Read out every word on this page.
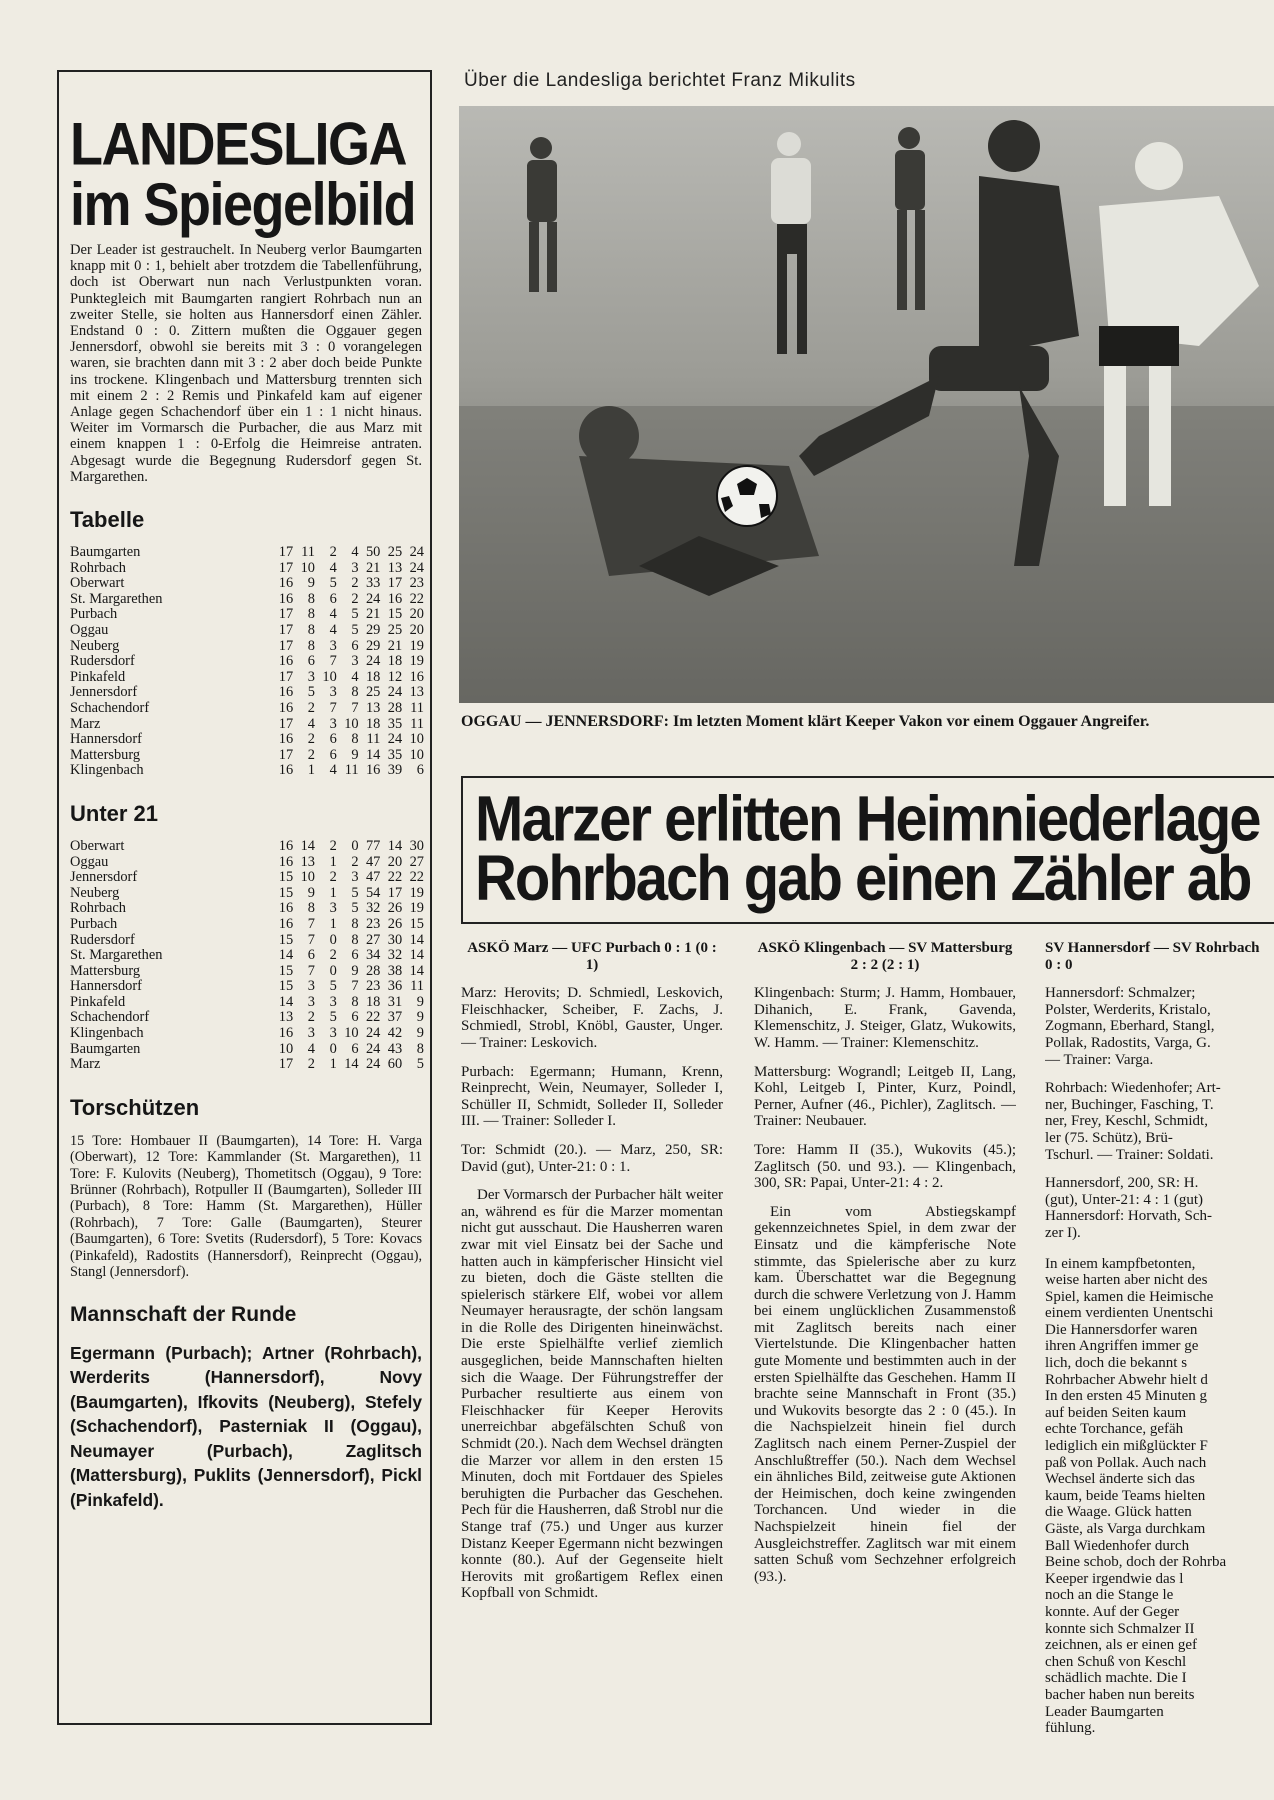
LANDESLIGA
im Spiegelbild
Der Leader ist gestrauchelt. In Neuberg verlor Baumgarten knapp mit 0 : 1, behielt aber trotzdem die Tabellenführung, doch ist Oberwart nun nach Verlustpunkten voran. Punktegleich mit Baumgarten rangiert Rohrbach nun an zweiter Stelle, sie holten aus Hannersdorf einen Zähler. Endstand 0 : 0. Zittern mußten die Oggauer gegen Jennersdorf, obwohl sie bereits mit 3 : 0 vorangelegen waren, sie brachten dann mit 3 : 2 aber doch beide Punkte ins trockene. Klingenbach und Mattersburg trennten sich mit einem 2 : 2 Remis und Pinkafeld kam auf eigener Anlage gegen Schachendorf über ein 1 : 1 nicht hinaus. Weiter im Vormarsch die Purbacher, die aus Marz mit einem knappen 1 : 0-Erfolg die Heimreise antraten. Abgesagt wurde die Begegnung Rudersdorf gegen St. Margarethen.
Tabelle
Baumgarten	17	11	2	4	50	25	24
Rohrbach	17	10	4	3	21	13	24
Oberwart	16	9	5	2	33	17	23
St. Margarethen	16	8	6	2	24	16	22
Purbach	17	8	4	5	21	15	20
Oggau	17	8	4	5	29	25	20
Neuberg	17	8	3	6	29	21	19
Rudersdorf	16	6	7	3	24	18	19
Pinkafeld	17	3	10	4	18	12	16
Jennersdorf	16	5	3	8	25	24	13
Schachendorf	16	2	7	7	13	28	11
Marz	17	4	3	10	18	35	11
Hannersdorf	16	2	6	8	11	24	10
Mattersburg	17	2	6	9	14	35	10
Klingenbach	16	1	4	11	16	39	6
Unter 21
Oberwart	16	14	2	0	77	14	30
Oggau	16	13	1	2	47	20	27
Jennersdorf	15	10	2	3	47	22	22
Neuberg	15	9	1	5	54	17	19
Rohrbach	16	8	3	5	32	26	19
Purbach	16	7	1	8	23	26	15
Rudersdorf	15	7	0	8	27	30	14
St. Margarethen	14	6	2	6	34	32	14
Mattersburg	15	7	0	9	28	38	14
Hannersdorf	15	3	5	7	23	36	11
Pinkafeld	14	3	3	8	18	31	9
Schachendorf	13	2	5	6	22	37	9
Klingenbach	16	3	3	10	24	42	9
Baumgarten	10	4	0	6	24	43	8
Marz	17	2	1	14	24	60	5
Torschützen
15 Tore: Hombauer II (Baumgarten), 14 Tore: H. Varga (Oberwart), 12 Tore: Kammlander (St. Margarethen), 11 Tore: F. Kulovits (Neuberg), Thometitsch (Oggau), 9 Tore: Brünner (Rohrbach), Rotpuller II (Baumgarten), Solleder III (Purbach), 8 Tore: Hamm (St. Margarethen), Hüller (Rohrbach), 7 Tore: Galle (Baumgarten), Steurer (Baumgarten), 6 Tore: Svetits (Rudersdorf), 5 Tore: Kovacs (Pinkafeld), Radostits (Hannersdorf), Reinprecht (Oggau), Stangl (Jennersdorf).
Mannschaft der Runde
Egermann (Purbach); Artner (Rohrbach), Werderits (Hannersdorf), Novy (Baumgarten), Ifkovits (Neuberg), Stefely (Schachendorf), Pasterniak II (Oggau), Neumayer (Purbach), Zaglitsch (Mattersburg), Puklits (Jennersdorf), Pickl (Pinkafeld).
Über die Landesliga berichtet Franz Mikulits
OGGAU — JENNERSDORF: Im letzten Moment klärt Keeper Vakon vor einem Oggauer Angreifer.
Marzer erlitten Heimniederlage
Rohrbach gab einen Zähler ab

ASKÖ Marz — UFC Purbach 0 : 1 (0 : 1)

Marz: Herovits; D. Schmiedl, Leskovich, Fleischhacker, Scheiber, F. Zachs, J. Schmiedl, Strobl, Knöbl, Gauster, Unger. — Trainer: Leskovich.

Purbach: Egermann; Humann, Krenn, Reinprecht, Wein, Neumayer, Solleder I, Schüller II, Schmidt, Solleder II, Solleder III. — Trainer: Solleder I.

Tor: Schmidt (20.). — Marz, 250, SR: David (gut), Unter-21: 0 : 1.

Der Vormarsch der Purbacher hält weiter an, während es für die Marzer momentan nicht gut ausschaut. Die Hausherren waren zwar mit viel Einsatz bei der Sache und hatten auch in kämpferischer Hinsicht viel zu bieten, doch die Gäste stellten die spielerisch stärkere Elf, wobei vor allem Neumayer herausragte, der schön langsam in die Rolle des Dirigenten hineinwächst. Die erste Spielhälfte verlief ziemlich ausgeglichen, beide Mannschaften hielten sich die Waage. Der Führungstreffer der Purbacher resultierte aus einem von Fleischhacker für Keeper Herovits unerreichbar abgefälschten Schuß von Schmidt (20.). Nach dem Wechsel drängten die Marzer vor allem in den ersten 15 Minuten, doch mit Fortdauer des Spieles beruhigten die Purbacher das Geschehen. Pech für die Hausherren, daß Strobl nur die Stange traf (75.) und Unger aus kurzer Distanz Keeper Egermann nicht bezwingen konnte (80.). Auf der Gegenseite hielt Herovits mit großartigem Reflex einen Kopfball von Schmidt.

ASKÖ Klingenbach — SV Mattersburg 2 : 2 (2 : 1)

Klingenbach: Sturm; J. Hamm, Hombauer, Dihanich, E. Frank, Gavenda, Klemenschitz, J. Steiger, Glatz, Wukowits, W. Hamm. — Trainer: Klemenschitz.

Mattersburg: Wograndl; Leitgeb II, Lang, Kohl, Leitgeb I, Pinter, Kurz, Poindl, Perner, Aufner (46., Pichler), Zaglitsch. — Trainer: Neubauer.

Tore: Hamm II (35.), Wukovits (45.); Zaglitsch (50. und 93.). — Klingenbach, 300, SR: Papai, Unter-21: 4 : 2.

Ein vom Abstiegskampf gekennzeichnetes Spiel, in dem zwar der Einsatz und die kämpferische Note stimmte, das Spielerische aber zu kurz kam. Überschattet war die Begegnung durch die schwere Verletzung von J. Hamm bei einem unglücklichen Zusammenstoß mit Zaglitsch bereits nach einer Viertelstunde. Die Klingenbacher hatten gute Momente und bestimmten auch in der ersten Spielhälfte das Geschehen. Hamm II brachte seine Mannschaft in Front (35.) und Wukovits besorgte das 2 : 0 (45.). In die Nachspielzeit hinein fiel durch Zaglitsch nach einem Perner-Zuspiel der Anschlußtreffer (50.). Nach dem Wechsel ein ähnliches Bild, zeitweise gute Aktionen der Heimischen, doch keine zwingenden Torchancen. Und wieder in die Nachspielzeit hinein fiel der Ausgleichstreffer. Zaglitsch war mit einem satten Schuß vom Sechzehner erfolgreich (93.).

SV Hannersdorf — SV Rohrbach
0 : 0
Hannersdorf: Schmalzer;
Polster, Werderits, Kristalo,
Zogmann, Eberhard, Stangl,
Pollak, Radostits, Varga, G.
— Trainer: Varga.
Rohrbach: Wiedenhofer; Art-
ner, Buchinger, Fasching, T.
ner, Frey, Keschl, Schmidt,
ler (75. Schütz), Brü-
Tschurl. — Trainer: Soldati.
Hannersdorf, 200, SR: H.
(gut), Unter-21: 4 : 1 (gut)
Hannersdorf: Horvath, Sch-
zer I).
In einem kampfbetonten,
weise harten aber nicht des
Spiel, kamen die Heimische
einem verdienten Unentschi
Die Hannersdorfer waren
ihren Angriffen immer ge
lich, doch die bekannt s
Rohrbacher Abwehr hielt d
In den ersten 45 Minuten g
auf beiden Seiten kaum
echte Torchance, gefäh
lediglich ein mißglückter F
paß von Pollak. Auch nach
Wechsel änderte sich das
kaum, beide Teams hielten
die Waage. Glück hatten
Gäste, als Varga durchkam
Ball Wiedenhofer durch
Beine schob, doch der Rohrba
Keeper irgendwie das l
noch an die Stange le
konnte. Auf der Geger
konnte sich Schmalzer II
zeichnen, als er einen gef
chen Schuß von Keschl
schädlich machte. Die I
bacher haben nun bereits
Leader Baumgarten
fühlung.
